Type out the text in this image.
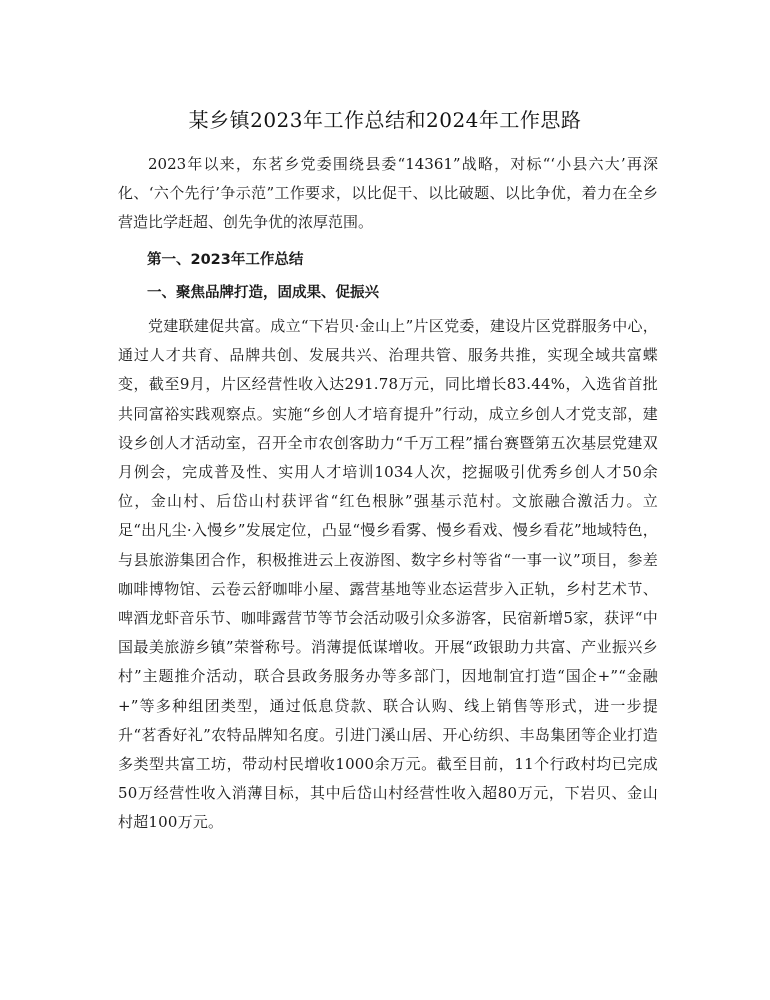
某乡镇2023年工作总结和2024年工作思路

2023年以来，东茗乡党委围绕县委“14361”战略，对标“‘小县六大’再深化、‘六个先行’争示范”工作要求，以比促干、以比破题、以比争优，着力在全乡营造比学赶超、创先争优的浓厚范围。

第一、2023年工作总结

一、聚焦品牌打造，固成果、促振兴

党建联建促共富。成立“下岩贝·金山上”片区党委，建设片区党群服务中心，通过人才共育、品牌共创、发展共兴、治理共管、服务共推，实现全域共富蝶变，截至9月，片区经营性收入达291.78万元，同比增长83.44%，入选省首批共同富裕实践观察点。实施“乡创人才培育提升”行动，成立乡创人才党支部，建设乡创人才活动室，召开全市农创客助力“千万工程”擂台赛暨第五次基层党建双月例会，完成普及性、实用人才培训1034人次，挖掘吸引优秀乡创人才50余位，金山村、后岱山村获评省“红色根脉”强基示范村。文旅融合激活力。立足“出凡尘·入慢乡”发展定位，凸显“慢乡看雾、慢乡看戏、慢乡看花”地域特色，与县旅游集团合作，积极推进云上夜游图、数字乡村等省“一事一议”项目，参差咖啡博物馆、云卷云舒咖啡小屋、露营基地等业态运营步入正轨，乡村艺术节、啤酒龙虾音乐节、咖啡露营节等节会活动吸引众多游客，民宿新增5家，获评“中国最美旅游乡镇”荣誉称号。消薄提低谋增收。开展“政银助力共富、产业振兴乡村”主题推介活动，联合县政务服务办等多部门，因地制宜打造“国企+”“金融+”等多种组团类型，通过低息贷款、联合认购、线上销售等形式，进一步提升“茗香好礼”农特品牌知名度。引进门溪山居、开心纺织、丰岛集团等企业打造多类型共富工坊，带动村民增收1000余万元。截至目前，11个行政村均已完成50万经营性收入消薄目标，其中后岱山村经营性收入超80万元，下岩贝、金山村超100万元。
